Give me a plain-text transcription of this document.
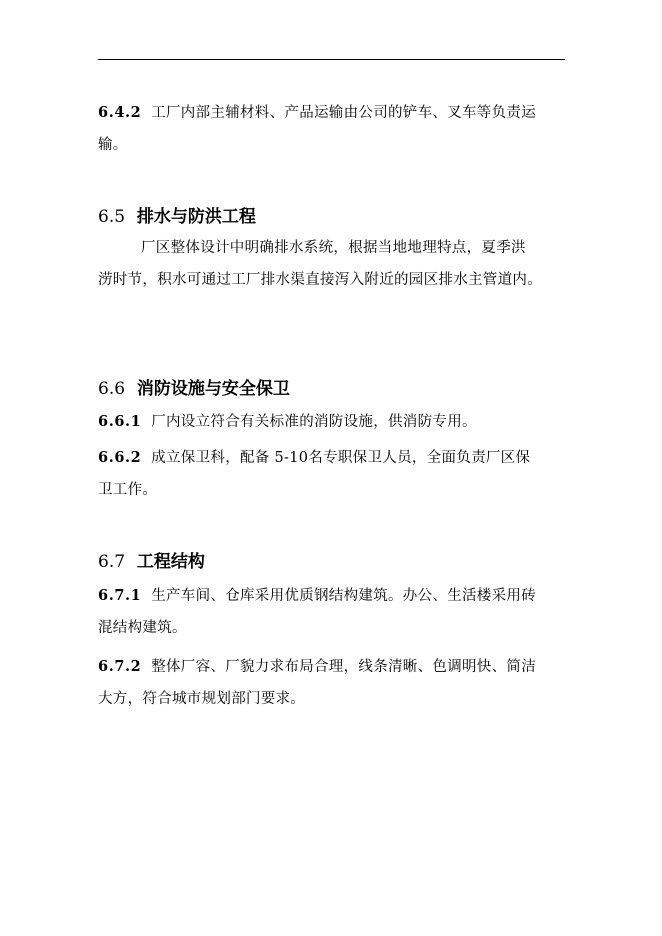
6.4.2 工厂内部主辅材料、产品运输由公司的铲车、叉车等负责运
输。
6.5 排水与防洪工程
厂区整体设计中明确排水系统，根据当地地理特点，夏季洪
涝时节，积水可通过工厂排水渠直接泻入附近的园区排水主管道内。
6.6 消防设施与安全保卫
6.6.1 厂内设立符合有关标准的消防设施，供消防专用。
6.6.2 成立保卫科，配备 5-10名专职保卫人员，全面负责厂区保
卫工作。
6.7 工程结构
6.7.1 生产车间、仓库采用优质钢结构建筑。办公、生活楼采用砖
混结构建筑。
6.7.2 整体厂容、厂貌力求布局合理，线条清晰、色调明快、简洁
大方，符合城市规划部门要求。
